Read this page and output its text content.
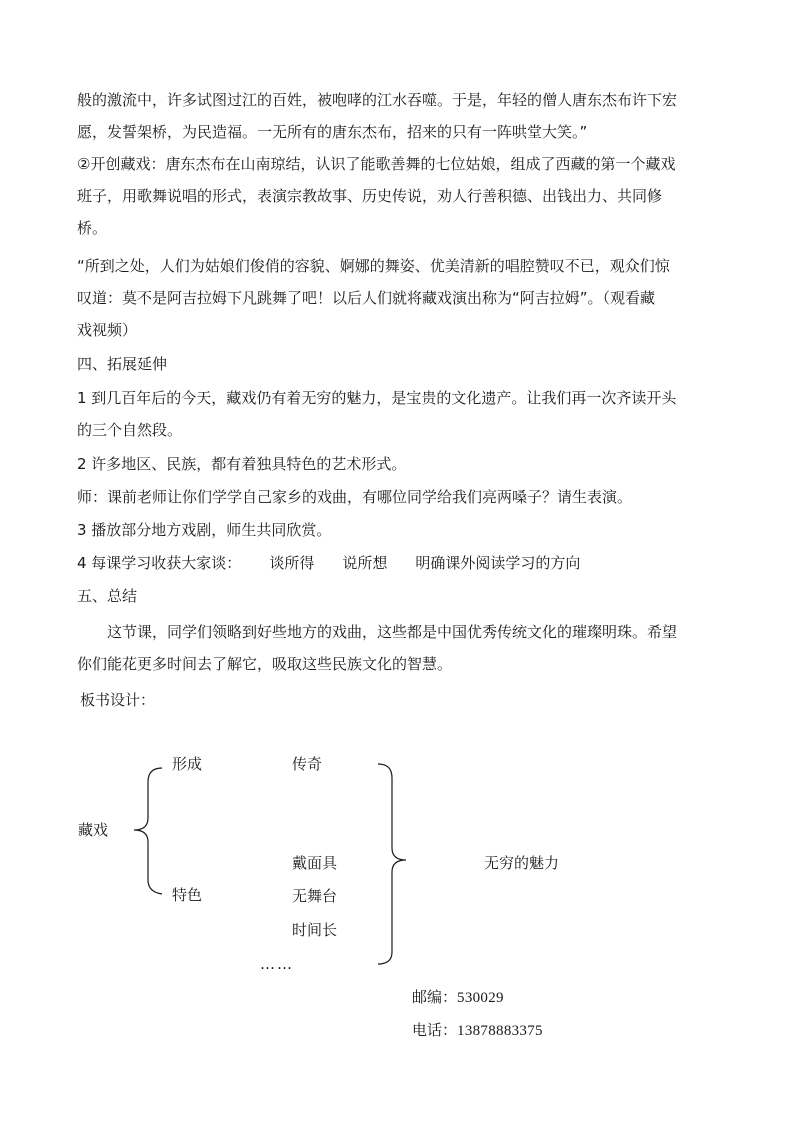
般的激流中，许多试图过江的百姓，被咆哮的江水吞噬。于是，年轻的僧人唐东杰布许下宏
愿，发誓架桥，为民造福。一无所有的唐东杰布，招来的只有一阵哄堂大笑。”
②开创藏戏：唐东杰布在山南琼结，认识了能歌善舞的七位姑娘，组成了西藏的第一个藏戏
班子，用歌舞说唱的形式，表演宗教故事、历史传说，劝人行善积德、出钱出力、共同修
桥。
“所到之处，人们为姑娘们俊俏的容貌、婀娜的舞姿、优美清新的唱腔赞叹不已，观众们惊
叹道：莫不是阿吉拉姆下凡跳舞了吧！以后人们就将藏戏演出称为“阿吉拉姆”。（观看藏
戏视频）
四、拓展延伸
1 到几百年后的今天，藏戏仍有着无穷的魅力，是宝贵的文化遗产。让我们再一次齐读开头
的三个自然段。
2 许多地区、民族，都有着独具特色的艺术形式。
师：课前老师让你们学学自己家乡的戏曲，有哪位同学给我们亮两嗓子？请生表演。
3 播放部分地方戏剧，师生共同欣赏。
4 每课学习收获大家谈： 谈所得 说所想 明确课外阅读学习的方向
五、总结
这节课，同学们领略到好些地方的戏曲，这些都是中国优秀传统文化的璀璨明珠。希望
你们能花更多时间去了解它，吸取这些民族文化的智慧。
板书设计：
藏戏
形成
特色
传奇
戴面具
无舞台
时间长
……
无穷的魅力
邮编：530029
电话：13878883375
